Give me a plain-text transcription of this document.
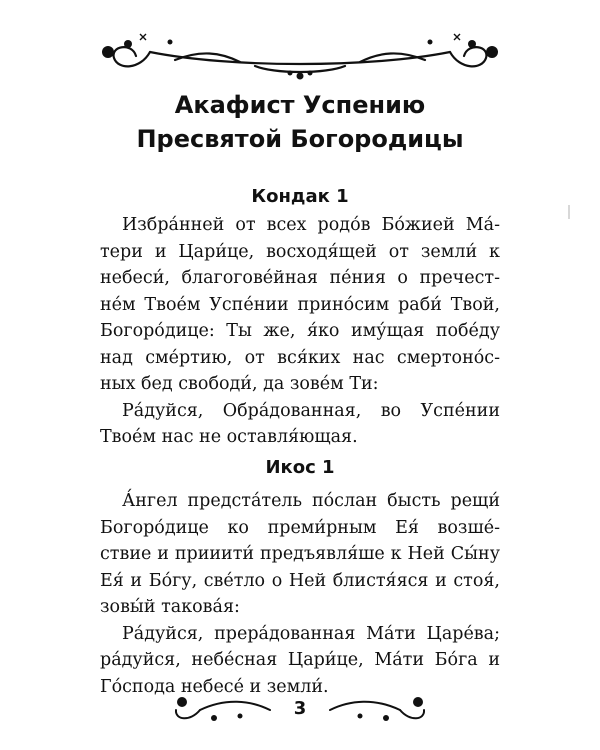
Акафист Успению
Пресвятой Богородицы
Кондак 1
Избра́нней от всех родо́в Бо́жией Ма́-
тери и Цари́це, восходя́щей от земли́ к
небеси́, благогове́йная пе́ния о пречест-
не́м Твое́м Успе́нии прино́сим раби́ Твой,
Богоро́дице: Ты же, я́ко иму́щая побе́ду
над сме́ртию, от вся́ких нас смертоно́с-
ных бед свободи́, да зове́м Ти:
Ра́дуйся, Обра́дованная, во Успе́нии
Твое́м нас не оставля́ющая.
Икос 1
А́нгел предста́тель по́слан бысть рещи́
Богоро́дице ко преми́рным Ея́ возше́-
ствие и прииити́ предъявля́ше к Ней Сы́ну
Ея́ и Бо́гу, све́тло о Ней блистя́яся и стоя́,
зовы́й такова́я:
Ра́дуйся, прера́дованная Ма́ти Царе́ва;
ра́дуйся, небе́сная Цари́це, Ма́ти Бо́га и
Го́спода небесе́ и земли́.
3
